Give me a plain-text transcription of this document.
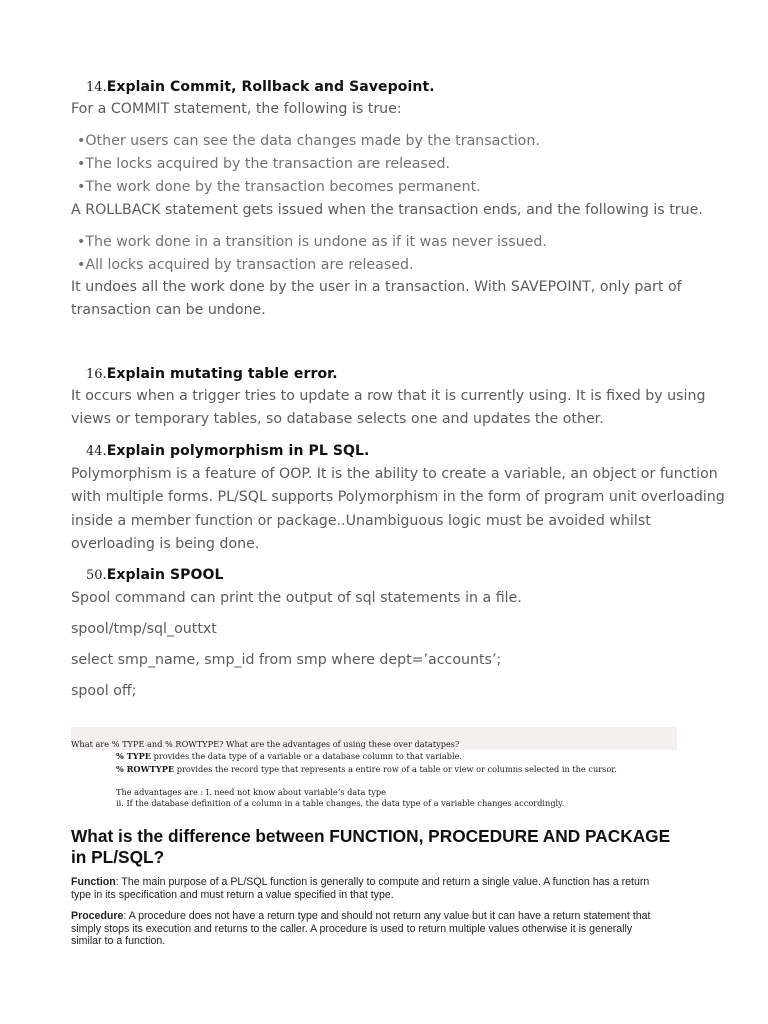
14.Explain Commit, Rollback and Savepoint.
For a COMMIT statement, the following is true:
•Other users can see the data changes made by the transaction.
•The locks acquired by the transaction are released.
•The work done by the transaction becomes permanent.
A ROLLBACK statement gets issued when the transaction ends, and the following is true.
•The work done in a transition is undone as if it was never issued.
•All locks acquired by transaction are released.
It undoes all the work done by the user in a transaction. With SAVEPOINT, only part of
transaction can be undone.
16.Explain mutating table error.
It occurs when a trigger tries to update a row that it is currently using. It is fixed by using
views or temporary tables, so database selects one and updates the other.
44.Explain polymorphism in PL SQL.
Polymorphism is a feature of OOP. It is the ability to create a variable, an object or function
with multiple forms. PL/SQL supports Polymorphism in the form of program unit overloading
inside a member function or package..Unambiguous logic must be avoided whilst
overloading is being done.
50.Explain SPOOL
Spool command can print the output of sql statements in a file.
spool/tmp/sql_outtxt
select smp_name, smp_id from smp where dept=’accounts’;
spool off;
What are % TYPE and % ROWTYPE? What are the advantages of using these over datatypes?
% TYPE provides the data type of a variable or a database column to that variable.
% ROWTYPE provides the record type that represents a entire row of a table or view or columns selected in the cursor.
The advantages are : I. need not know about variable’s data type
ii. If the database definition of a column in a table changes, the data type of a variable changes accordingly.
What is the difference between FUNCTION, PROCEDURE AND PACKAGE
in PL/SQL?
Function: The main purpose of a PL/SQL function is generally to compute and return a single value. A function has a return
type in its specification and must return a value specified in that type.
Procedure: A procedure does not have a return type and should not return any value but it can have a return statement that
simply stops its execution and returns to the caller. A procedure is used to return multiple values otherwise it is generally
similar to a function.
